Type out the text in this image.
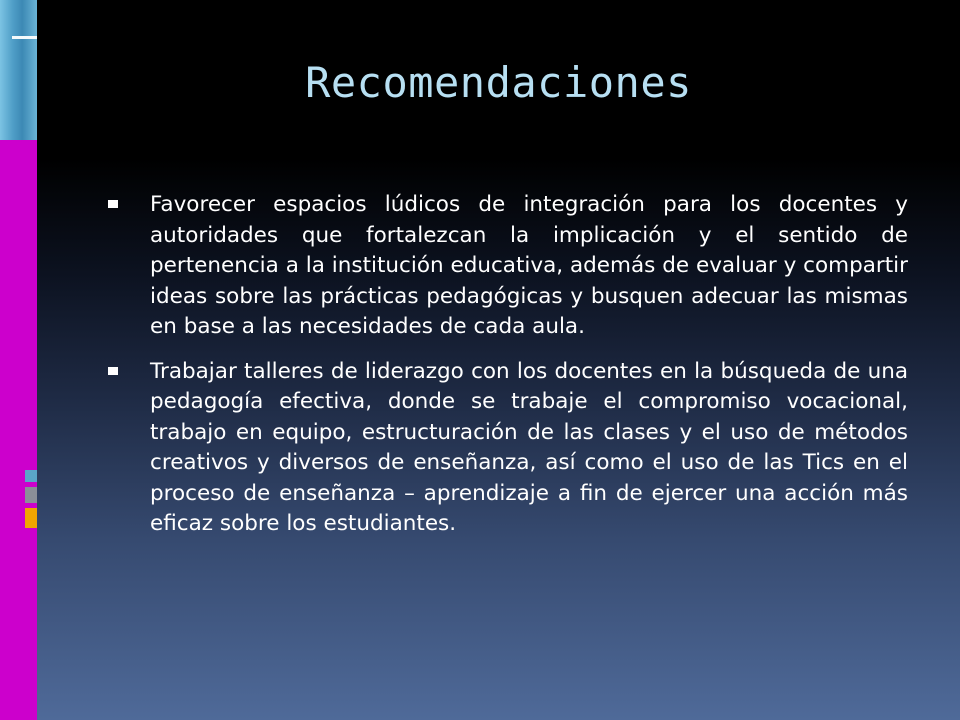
Recomendaciones
Favorecer espacios lúdicos de integración para los docentes y autoridades que fortalezcan la implicación y el sentido de pertenencia a la institución educativa, además de evaluar y compartir ideas sobre las prácticas pedagógicas y busquen adecuar las mismas en base a las necesidades de cada aula.
Trabajar talleres de liderazgo con los docentes en la búsqueda de una pedagogía efectiva, donde se trabaje el compromiso vocacional, trabajo en equipo, estructuración de las clases y el uso de métodos creativos y diversos de enseñanza, así como el uso de las Tics en el proceso de enseñanza – aprendizaje a fin de ejercer una acción más eficaz sobre los estudiantes.
